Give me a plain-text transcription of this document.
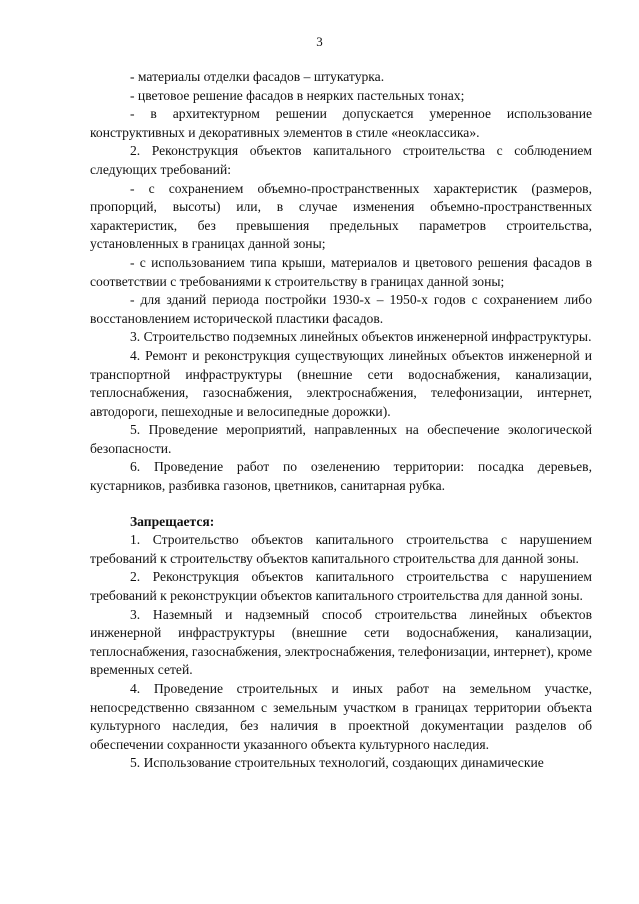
3

- материалы отделки фасадов – штукатурка.

- цветовое решение фасадов в неярких пастельных тонах;

- в архитектурном решении допускается умеренное использование конструктивных и декоративных элементов в стиле «неоклассика».

2. Реконструкция объектов капитального строительства с соблюдением следующих требований:

- с сохранением объемно-пространственных характеристик (размеров, пропорций, высоты) или, в случае изменения объемно-пространственных характеристик, без превышения предельных параметров строительства, установленных в границах данной зоны;

- с использованием типа крыши, материалов и цветового решения фасадов в соответствии с требованиями к строительству в границах данной зоны;

- для зданий периода постройки 1930-х – 1950-х годов с сохранением либо восстановлением исторической пластики фасадов.

3. Строительство подземных линейных объектов инженерной инфраструктуры.

4. Ремонт и реконструкция существующих линейных объектов инженерной и транспортной инфраструктуры (внешние сети водоснабжения, канализации, теплоснабжения, газоснабжения, электроснабжения, телефонизации, интернет, автодороги, пешеходные и велосипедные дорожки).

5. Проведение мероприятий, направленных на обеспечение экологической безопасности.

6. Проведение работ по озеленению территории: посадка деревьев, кустарников, разбивка газонов, цветников, санитарная рубка.

Запрещается:

1. Строительство объектов капитального строительства с нарушением требований к строительству объектов капитального строительства для данной зоны.

2. Реконструкция объектов капитального строительства с нарушением требований к реконструкции объектов капитального строительства для данной зоны.

3. Наземный и надземный способ строительства линейных объектов инженерной инфраструктуры (внешние сети водоснабжения, канализации, теплоснабжения, газоснабжения, электроснабжения, телефонизации, интернет), кроме временных сетей.

4. Проведение строительных и иных работ на земельном участке, непосредственно связанном с земельным участком в границах территории объекта культурного наследия, без наличия в проектной документации разделов об обеспечении сохранности указанного объекта культурного наследия.

5. Использование строительных технологий, создающих динамические
